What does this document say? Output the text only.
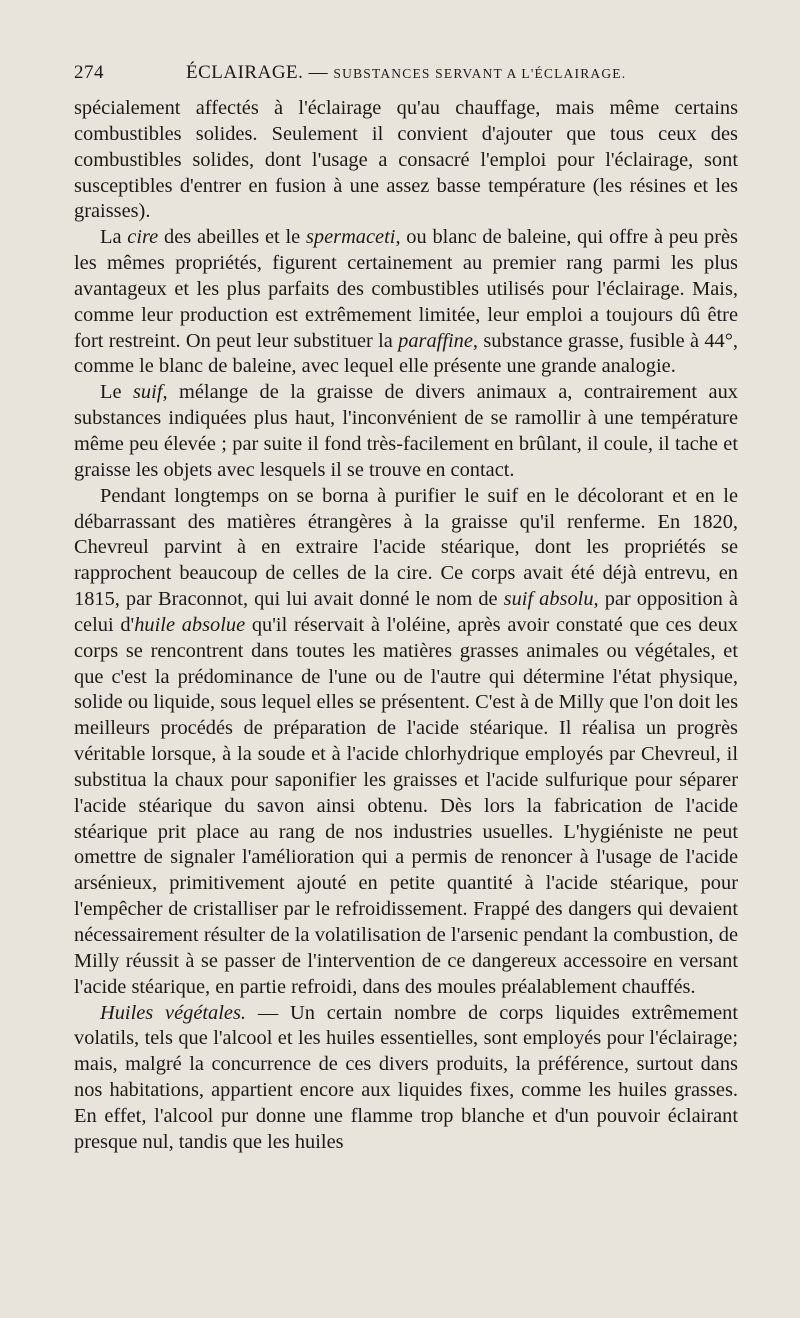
274	ÉCLAIRAGE. — SUBSTANCES SERVANT A L'ÉCLAIRAGE.

spécialement affectés à l'éclairage qu'au chauffage, mais même certains combustibles solides. Seulement il convient d'ajouter que tous ceux des combustibles solides, dont l'usage a consacré l'emploi pour l'éclairage, sont susceptibles d'entrer en fusion à une assez basse température (les résines et les graisses).

La cire des abeilles et le spermaceti, ou blanc de baleine, qui offre à peu près les mêmes propriétés, figurent certainement au premier rang parmi les plus avantageux et les plus parfaits des combustibles utilisés pour l'éclairage. Mais, comme leur production est extrêmement limitée, leur emploi a toujours dû être fort restreint. On peut leur substituer la paraffine, substance grasse, fusible à 44°, comme le blanc de baleine, avec lequel elle présente une grande analogie.

Le suif, mélange de la graisse de divers animaux a, contrairement aux substances indiquées plus haut, l'inconvénient de se ramollir à une température même peu élevée ; par suite il fond très-facilement en brûlant, il coule, il tache et graisse les objets avec lesquels il se trouve en contact.

Pendant longtemps on se borna à purifier le suif en le décolorant et en le débarrassant des matières étrangères à la graisse qu'il renferme. En 1820, Chevreul parvint à en extraire l'acide stéarique, dont les propriétés se rapprochent beaucoup de celles de la cire. Ce corps avait été déjà entrevu, en 1815, par Braconnot, qui lui avait donné le nom de suif absolu, par opposition à celui d'huile absolue qu'il réservait à l'oléine, après avoir constaté que ces deux corps se rencontrent dans toutes les matières grasses animales ou végétales, et que c'est la prédominance de l'une ou de l'autre qui détermine l'état physique, solide ou liquide, sous lequel elles se présentent. C'est à de Milly que l'on doit les meilleurs procédés de préparation de l'acide stéarique. Il réalisa un progrès véritable lorsque, à la soude et à l'acide chlorhydrique employés par Chevreul, il substitua la chaux pour saponifier les graisses et l'acide sulfurique pour séparer l'acide stéarique du savon ainsi obtenu. Dès lors la fabrication de l'acide stéarique prit place au rang de nos industries usuelles. L'hygiéniste ne peut omettre de signaler l'amélioration qui a permis de renoncer à l'usage de l'acide arsénieux, primitivement ajouté en petite quantité à l'acide stéarique, pour l'empêcher de cristalliser par le refroidissement. Frappé des dangers qui devaient nécessairement résulter de la volatilisation de l'arsenic pendant la combustion, de Milly réussit à se passer de l'intervention de ce dangereux accessoire en versant l'acide stéarique, en partie refroidi, dans des moules préalablement chauffés.

Huiles végétales. — Un certain nombre de corps liquides extrêmement volatils, tels que l'alcool et les huiles essentielles, sont employés pour l'éclairage; mais, malgré la concurrence de ces divers produits, la préférence, surtout dans nos habitations, appartient encore aux liquides fixes, comme les huiles grasses. En effet, l'alcool pur donne une flamme trop blanche et d'un pouvoir éclairant presque nul, tandis que les huiles
